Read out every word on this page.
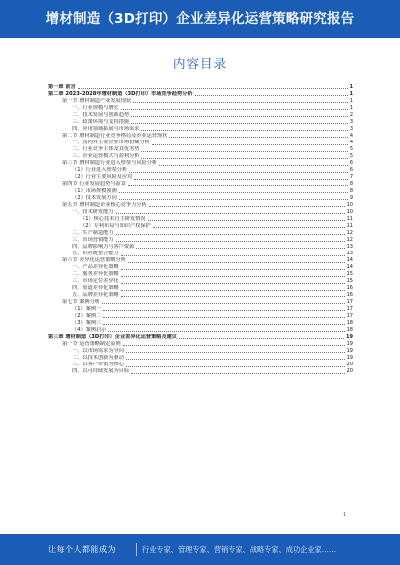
增材制造（3D打印）企业差异化运营策略研究报告
内容目录
第一章 前言	1
第二章 2023-2028年增材制造（3D打印）市场竞争趋势分析	1
第一节 增材制造产业发展现状	1
一、行业规模与增长	1
二、技术发展与创新趋势	2
三、政策环境与支持措施	3
四、应用领域拓展与市场需求	3
第二节 增材制造行业竞争格局及企业运营现状	4
一、国内外主要企业市场份额分析	4
二、行业竞争主体及其优劣势	5
三、企业运营模式与盈利分析	5
第三节 增材制造行业进入壁垒与风险分析	6
（1）行业进入壁垒分析	6
（2）行业主要风险及应对	7
第四节 行业发展趋势与前景	8
（1）市场规模预测	8
（2）技术发展方向	9
第五节 增材制造企业核心竞争力分析	10
一、技术研发能力	10
（1）核心技术自主研发情况	11
（2）专利布局与知识产权保护	11
二、生产制造能力	12
三、市场营销能力	12
四、品牌影响力与客户资源	13
五、供应链整合能力	13
第六节 差异化运营策略分析	14
一、产品差异化策略	14
二、服务差异化策略	15
三、市场定位差异化	15
四、渠道差异化策略	16
五、品牌差异化策略	16
第七节 案例分析	17
（1）案例一	17
（2）案例二	17
（3）案例三	18
（4）案例启示	18
第三章 增材制造（3D打印）企业差异化运营策略及建议	19
第一节 运营策略制定原则	19
一、以市场需求为导向	19
二、以技术创新为驱动	19
三、以客户价值为核心	20
四、以可持续发展为目标	20
1
让每个人都能成为	行业专家、管理专家、营销专家、战略专家、成功企业家……
